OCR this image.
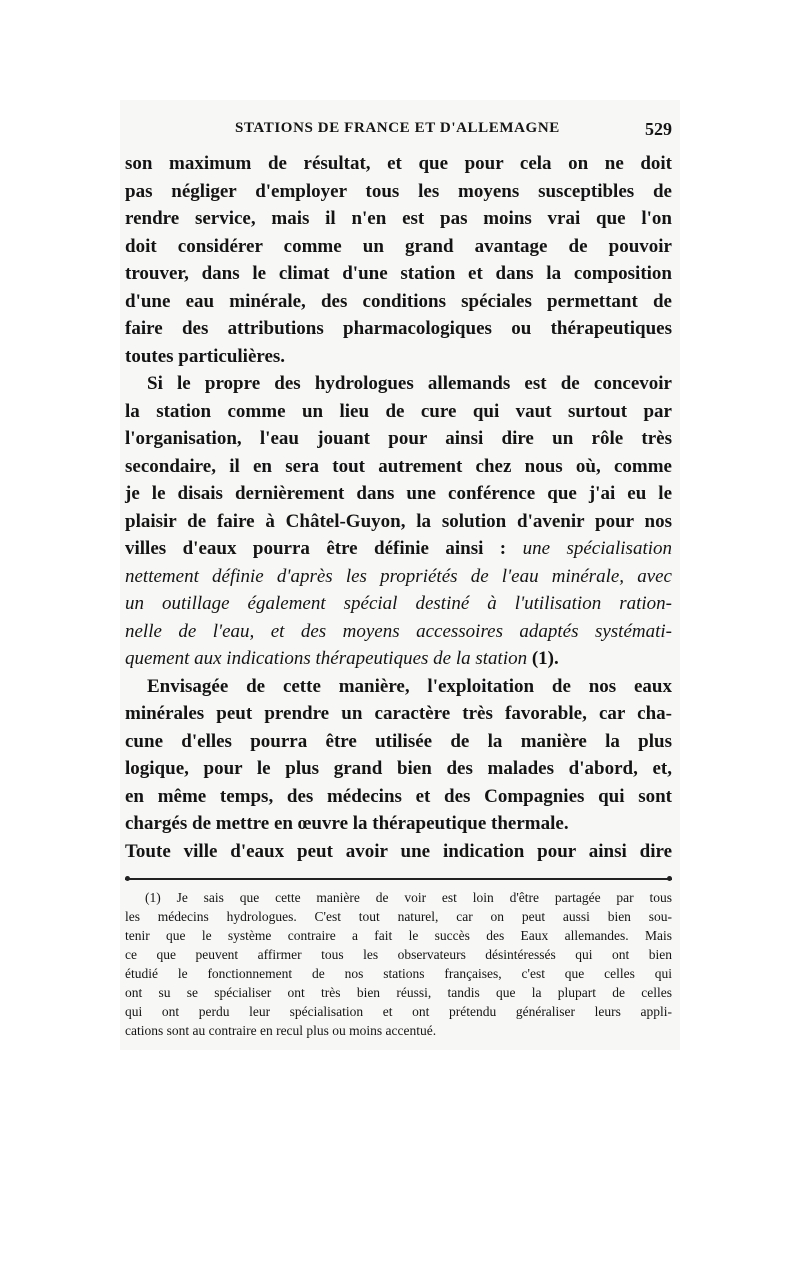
STATIONS DE FRANCE ET D'ALLEMAGNE	529
son maximum de résultat, et que pour cela on ne doit
pas négliger d'employer tous les moyens susceptibles de
rendre service, mais il n'en est pas moins vrai que l'on
doit considérer comme un grand avantage de pouvoir
trouver, dans le climat d'une station et dans la composition
d'une eau minérale, des conditions spéciales permettant de
faire des attributions pharmacologiques ou thérapeutiques
toutes particulières.
Si le propre des hydrologues allemands est de concevoir
la station comme un lieu de cure qui vaut surtout par
l'organisation, l'eau jouant pour ainsi dire un rôle très
secondaire, il en sera tout autrement chez nous où, comme
je le disais dernièrement dans une conférence que j'ai eu le
plaisir de faire à Châtel-Guyon, la solution d'avenir pour nos
villes d'eaux pourra être définie ainsi : une spécialisation
nettement définie d'après les propriétés de l'eau minérale, avec
un outillage également spécial destiné à l'utilisation ration-
nelle de l'eau, et des moyens accessoires adaptés systémati-
quement aux indications thérapeutiques de la station (1).
Envisagée de cette manière, l'exploitation de nos eaux
minérales peut prendre un caractère très favorable, car cha-
cune d'elles pourra être utilisée de la manière la plus
logique, pour le plus grand bien des malades d'abord, et,
en même temps, des médecins et des Compagnies qui sont
chargés de mettre en œuvre la thérapeutique thermale.
Toute ville d'eaux peut avoir une indication pour ainsi dire
(1) Je sais que cette manière de voir est loin d'être partagée par tous
les médecins hydrologues. C'est tout naturel, car on peut aussi bien sou-
tenir que le système contraire a fait le succès des Eaux allemandes. Mais
ce que peuvent affirmer tous les observateurs désintéressés qui ont bien
étudié le fonctionnement de nos stations françaises, c'est que celles qui
ont su se spécialiser ont très bien réussi, tandis que la plupart de celles
qui ont perdu leur spécialisation et ont prétendu généraliser leurs appli-
cations sont au contraire en recul plus ou moins accentué.
